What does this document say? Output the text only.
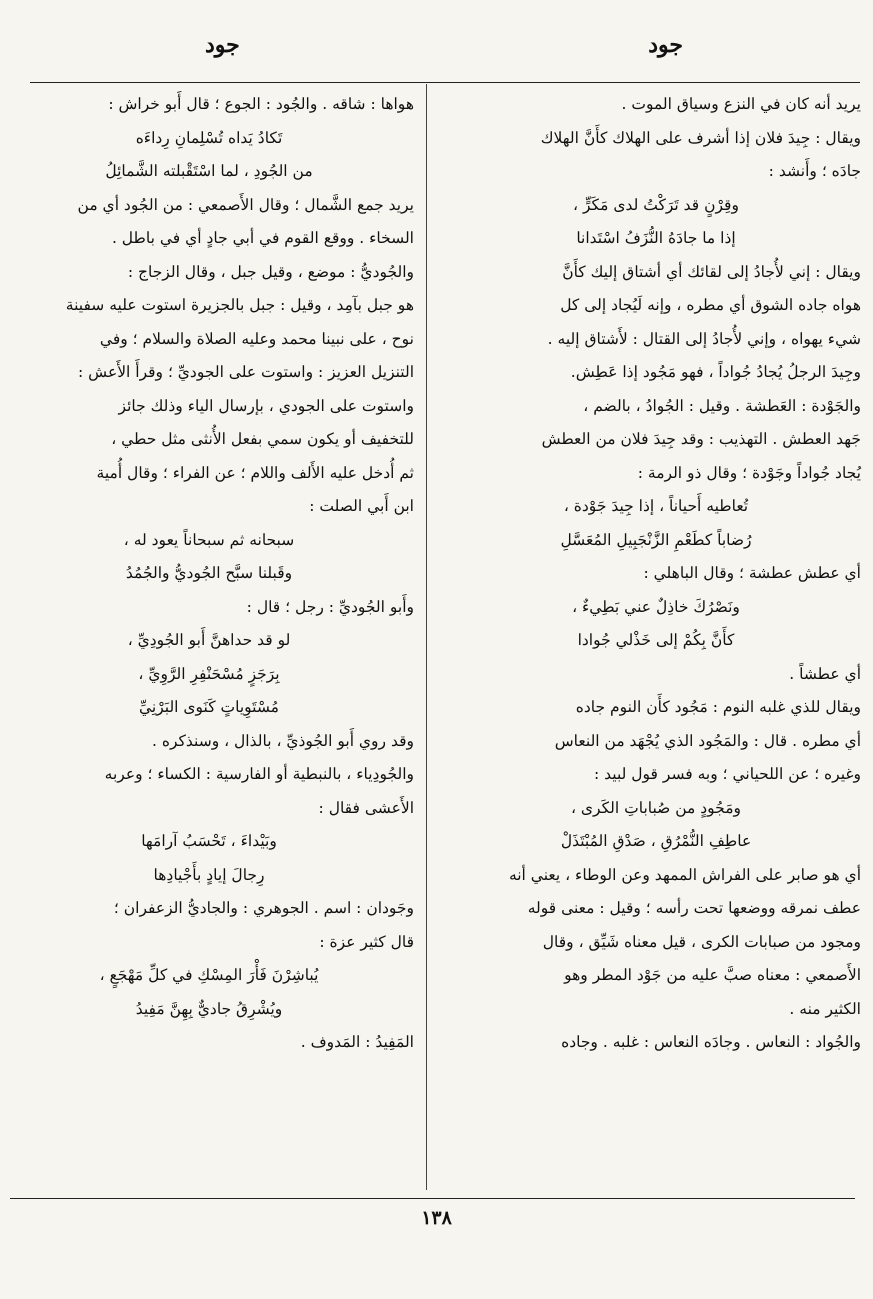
جود
جود

يريد أنه كان في النزع وسياق الموت .

ويقال : جِيدَ فلان إذا أشرف على الهلاك كأَنَّ الهلاك

جادَه ؛ وأَنشد :

وقِرْنٍ قد تَرَكْتُ لدى مَكَرٍّ ،

إذا ما جادَهُ النُّزَفُ اسْتَدانا

ويقال : إني لأُجادُ إلى لقائك أي أشتاق إليك كأَنَّ

هواه جاده الشوق أي مطره ، وإنه لَيُجاد إلى كل

شيء يهواه ، وإني لأُجادُ إلى القتال : لأَشتاق إليه .

وجِيدَ الرجلُ يُجادُ جُواداً ، فهو مَجُود إذا عَطِش.

والجَوْدة : العَطشة . وقيل : الجُوادُ ، بالضم ،

جَهد العطش . التهذيب : وقد جِيدَ فلان من العطش

يُجاد جُواداً وجَوْدة ؛ وقال ذو الرمة :

تُعاطيه أَحياناً ، إذا جِيدَ جَوْدة ،

رُضاباً كطَعْمِ الزَّنْجَبِيلِ المُعَسَّلِ

أي عطش عطشة ؛ وقال الباهلي :

ونَصْرُكَ خاذِلٌ عني بَطِيءٌ ،

كأَنَّ بِكُمْ إلى خَذْلي جُوادا

أي عطشاً .

ويقال للذي غلبه النوم : مَجُود كأَن النوم جاده

أي مطره . قال : والمَجُود الذي يُجْهَد من النعاس

وغيره ؛ عن اللحياني ؛ وبه فسر قول لبيد :

ومَجُودٍ من صُباباتِ الكَرى ،

عاطِفِ النُّمْرُقِ ، صَدْقِ المُبْتَذَلْ

أي هو صابر على الفراش الممهد وعن الوطاء ، يعني أنه

عطف نمرقه ووضعها تحت رأسه ؛ وقيل : معنى قوله

ومجود من صبابات الكرى ، قيل معناه شَيِّق ، وقال

الأَصمعي : معناه صبَّ عليه من جَوْد المطر وهو

الكثير منه .

والجُواد : النعاس . وجادَه النعاس : غلبه . وجاده

هواها : شاقه . والجُود : الجوع ؛ قال أَبو خراش :

تَكادُ يَداه تُسْلِمانِ رِداءَه

من الجُودِ ، لما اسْتَقْبلته الشَّمائِلُ

يريد جمع الشَّمال ؛ وقال الأَصمعي : من الجُود أي من

السخاء . ووقع القوم في أبي جادٍ أي في باطل .

والجُوديُّ : موضع ، وقيل جبل ، وقال الزجاج :

هو جبل بآمِد ، وقيل : جبل بالجزيرة استوت عليه سفينة

نوح ، على نبينا محمد وعليه الصلاة والسلام ؛ وفي

التنزيل العزيز : واستوت على الجوديِّ ؛ وقرأَ الأَعش :

واستوت على الجودي ، بإرسال الياء وذلك جائز

للتخفيف أو يكون سمي بفعل الأُنثى مثل حطي ،

ثم أُدخل عليه الأَلف واللام ؛ عن الفراء ؛ وقال أُمية

ابن أَبي الصلت :

سبحانه ثم سبحاناً يعود له ،

وقَبلنا سبَّح الجُوديُّ والجُمُدُ

وأَبو الجُوديِّ : رجل ؛ قال :

لو قد حداهنَّ أَبو الجُودِيِّ ،

بِرَجَزٍ مُسْحَنْفِرِ الرَّوِيِّ ،

مُسْتَوِياتٍ كَنَوى البَرْنِيِّ

وقد روي أَبو الجُوذيِّ ، بالذال ، وسنذكره .

والجُودِياء ، بالنبطية أو الفارسية : الكساء ؛ وعربه

الأَعشى فقال :

وبَيْداءَ ، تَحْسَبُ آرامَها

رِجالَ إيادٍ بأَجْيادِها

وجَودان : اسم . الجوهري : والجاديُّ الزعفران ؛

قال كثير عزة :

يُباشِرْنَ فَأْرَ المِسْكِ في كلِّ مَهْجَعٍ ،

ويُشْرِقُ جاديٌّ بِهِنَّ مَفِيدُ

المَفِيدُ : المَدوف .

١٣٨
